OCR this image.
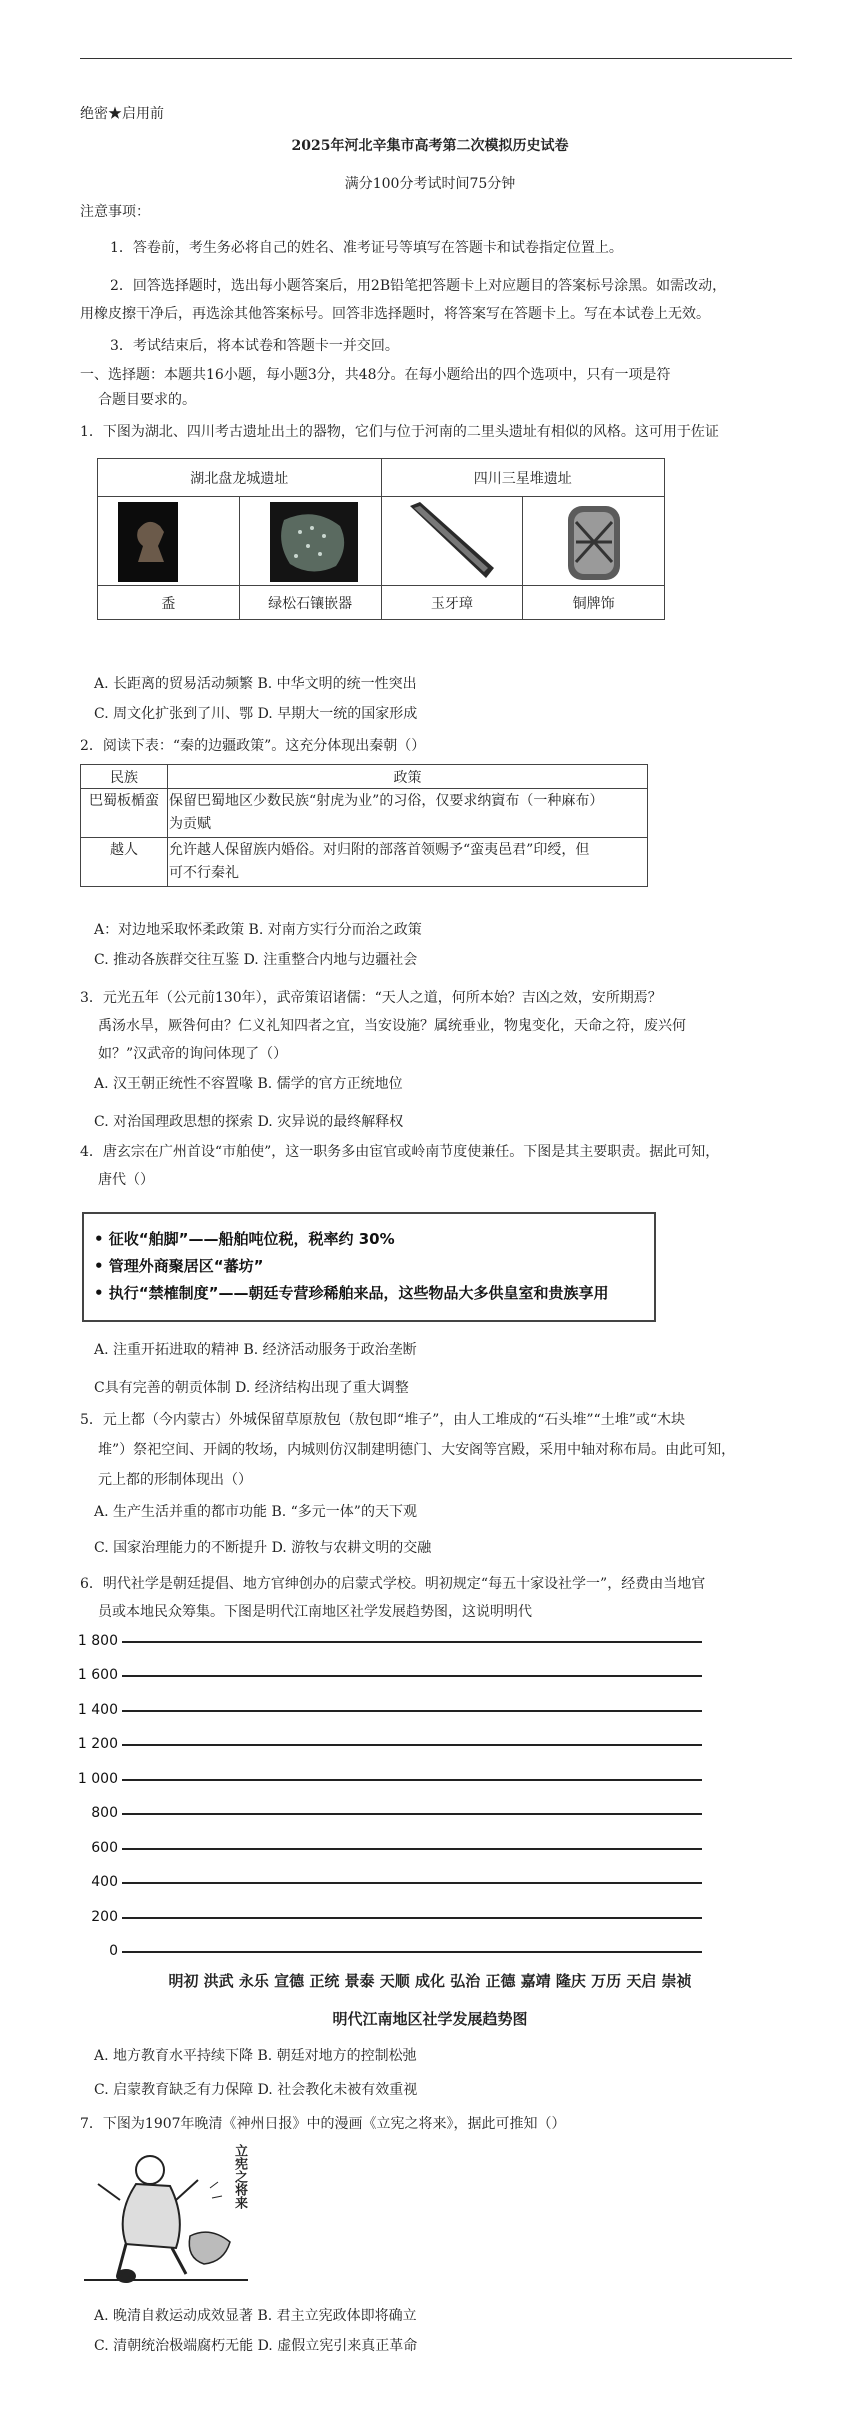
绝密★启用前
2025年河北辛集市高考第二次模拟历史试卷
满分100分考试时间75分钟
注意事项：
1．答卷前，考生务必将自己的姓名、准考证号等填写在答题卡和试卷指定位置上。
2．回答选择题时，选出每小题答案后，用2B铅笔把答题卡上对应题目的答案标号涂黑。如需改动，
用橡皮擦干净后，再选涂其他答案标号。回答非选择题时，将答案写在答题卡上。写在本试卷上无效。
3．考试结束后，将本试卷和答题卡一并交回。
一、选择题：本题共16小题，每小题3分，共48分。在每小题给出的四个选项中，只有一项是符
合题目要求的。
1．下图为湖北、四川考古遗址出土的器物，它们与位于河南的二里头遗址有相似的风格。这可用于佐证
湖北盘龙城遗址		四川三星堆遗址	

盉	绿松石镶嵌器	玉牙璋	铜牌饰
A. 长距离的贸易活动频繁 B. 中华文明的统一性突出
C. 周文化扩张到了川、鄂 D. 早期大一统的国家形成
2．阅读下表：“秦的边疆政策”。这充分体现出秦朝（）
民族	政策
巴蜀板楯蛮	保留巴蜀地区少数民族“射虎为业”的习俗，仅要求纳賨布（一种麻布）
为贡赋

越人	允许越人保留族内婚俗。对归附的部落首领赐予“蛮夷邑君”印绶，但
可不行秦礼
A：对边地采取怀柔政策 B. 对南方实行分而治之政策
C. 推动各族群交往互鉴 D. 注重整合内地与边疆社会
3．元光五年（公元前130年），武帝策诏诸儒：“天人之道，何所本始？吉凶之效，安所期焉？
禹汤水旱，厥咎何由？仁义礼知四者之宜，当安设施？属统垂业，物鬼变化，天命之符，废兴何
如？”汉武帝的询问体现了（）
A. 汉王朝正统性不容置喙 B. 儒学的官方正统地位
C. 对治国理政思想的探索 D. 灾异说的最终解释权
4．唐玄宗在广州首设“市舶使”，这一职务多由宦官或岭南节度使兼任。下图是其主要职责。据此可知，
唐代（）
• 征收“舶脚”——船舶吨位税，税率约 30%
• 管理外商聚居区“蕃坊”
• 执行“禁榷制度”——朝廷专营珍稀舶来品，这些物品大多供皇室和贵族享用
A. 注重开拓进取的精神 B. 经济活动服务于政治垄断
C具有完善的朝贡体制 D. 经济结构出现了重大调整
5．元上都（今内蒙古）外城保留草原敖包（敖包即“堆子”，由人工堆成的“石头堆”“土堆”或“木块
堆”）祭祀空间、开阔的牧场，内城则仿汉制建明德门、大安阁等宫殿，采用中轴对称布局。由此可知，
元上都的形制体现出（）
A. 生产生活并重的都市功能 B. “多元一体”的天下观
C. 国家治理能力的不断提升 D. 游牧与农耕文明的交融
6．明代社学是朝廷提倡、地方官绅创办的启蒙式学校。明初规定“每五十家设社学一”，经费由当地官
员或本地民众筹集。下图是明代江南地区社学发展趋势图，这说明明代
1 800
1 600
1 400
1 200
1 000
800
600
400
200
0
明初 洪武 永乐 宣德 正统 景泰 天顺 成化 弘治 正德 嘉靖 隆庆 万历 天启 崇祯
明代江南地区社学发展趋势图
A. 地方教育水平持续下降 B. 朝廷对地方的控制松弛
C. 启蒙教育缺乏有力保障 D. 社会教化未被有效重视
7．下图为1907年晚清《神州日报》中的漫画《立宪之将来》，据此可推知（）
立宪之将来
A. 晚清自救运动成效显著 B. 君主立宪政体即将确立
C. 清朝统治极端腐朽无能 D. 虚假立宪引来真正革命
